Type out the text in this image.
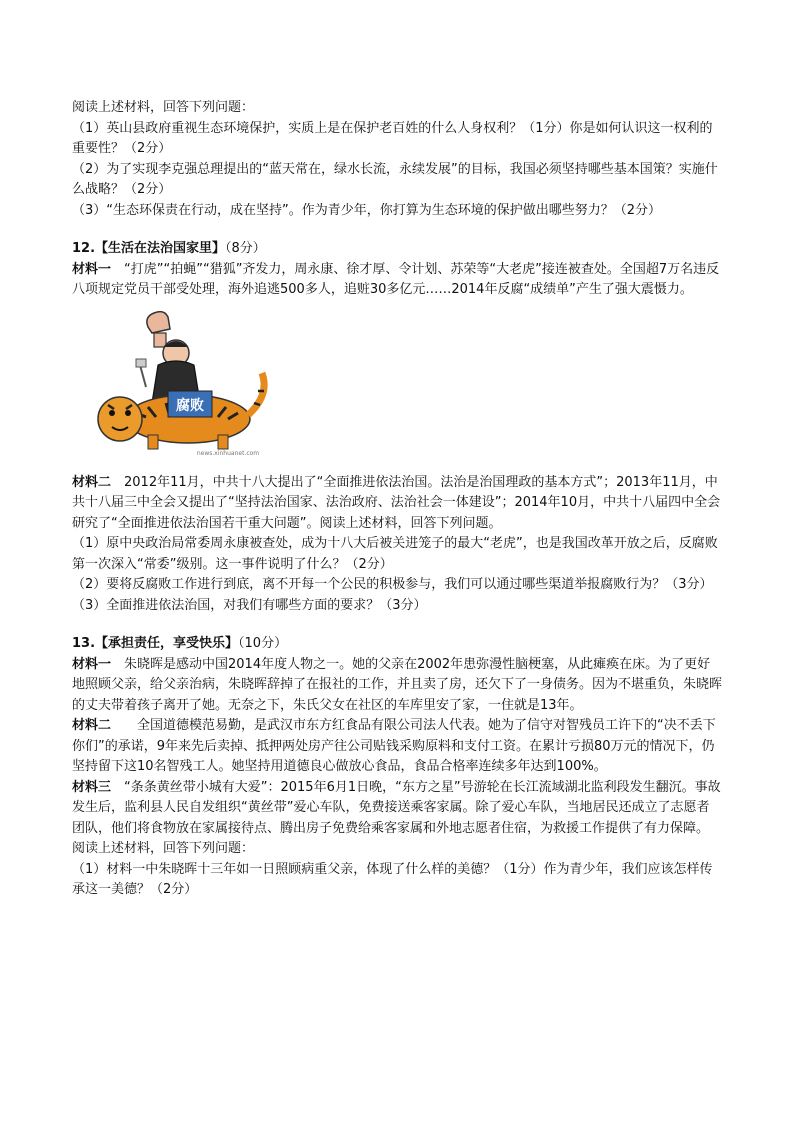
阅读上述材料，回答下列问题：

（1）英山县政府重视生态环境保护，实质上是在保护老百姓的什么人身权利？（1分）你是如何认识这一权利的重要性？（2分）

（2）为了实现李克强总理提出的“蓝天常在，绿水长流，永续发展”的目标，我国必须坚持哪些基本国策？实施什么战略？（2分）

（3）“生态环保责在行动，成在坚持”。作为青少年，你打算为生态环境的保护做出哪些努力？（2分）

12.【生活在法治国家里】（8分）

材料一　“打虎”“拍蝇”“猎狐”齐发力，周永康、徐才厚、令计划、苏荣等“大老虎”接连被查处。全国超7万名违反八项规定党员干部受处理，海外追逃500多人，追赃30多亿元……2014年反腐“成绩单”产生了强大震慑力。

腐败
news.xinhuanet.com

材料二　2012年11月，中共十八大提出了“全面推进依法治国。法治是治国理政的基本方式”；2013年11月，中共十八届三中全会又提出了“坚持法治国家、法治政府、法治社会一体建设”；2014年10月，中共十八届四中全会研究了“全面推进依法治国若干重大问题”。阅读上述材料，回答下列问题。

（1）原中央政治局常委周永康被查处，成为十八大后被关进笼子的最大“老虎”，也是我国改革开放之后，反腐败第一次深入“常委”级别。这一事件说明了什么？（2分）

（2）要将反腐败工作进行到底，离不开每一个公民的积极参与，我们可以通过哪些渠道举报腐败行为？（3分）

（3）全面推进依法治国，对我们有哪些方面的要求？（3分）

13.【承担责任，享受快乐】（10分）

材料一　朱晓晖是感动中国2014年度人物之一。她的父亲在2002年患弥漫性脑梗塞，从此瘫痪在床。为了更好地照顾父亲，给父亲治病，朱晓晖辞掉了在报社的工作，并且卖了房，还欠下了一身债务。因为不堪重负，朱晓晖的丈夫带着孩子离开了她。无奈之下，朱氏父女在社区的车库里安了家，一住就是13年。

材料二　　全国道德模范易勤，是武汉市东方红食品有限公司法人代表。她为了信守对智残员工许下的“决不丢下你们”的承诺，9年来先后卖掉、抵押两处房产往公司贴钱采购原料和支付工资。在累计亏损80万元的情况下，仍坚持留下这10名智残工人。她坚持用道德良心做放心食品，食品合格率连续多年达到100%。

材料三　“条条黄丝带小城有大爱”：2015年6月1日晚，“东方之星”号游轮在长江流域湖北监利段发生翻沉。事故发生后，监利县人民自发组织“黄丝带”爱心车队，免费接送乘客家属。除了爱心车队，当地居民还成立了志愿者团队，他们将食物放在家属接待点、腾出房子免费给乘客家属和外地志愿者住宿，为救援工作提供了有力保障。

阅读上述材料，回答下列问题：

（1）材料一中朱晓晖十三年如一日照顾病重父亲，体现了什么样的美德？（1分）作为青少年，我们应该怎样传承这一美德？（2分）
